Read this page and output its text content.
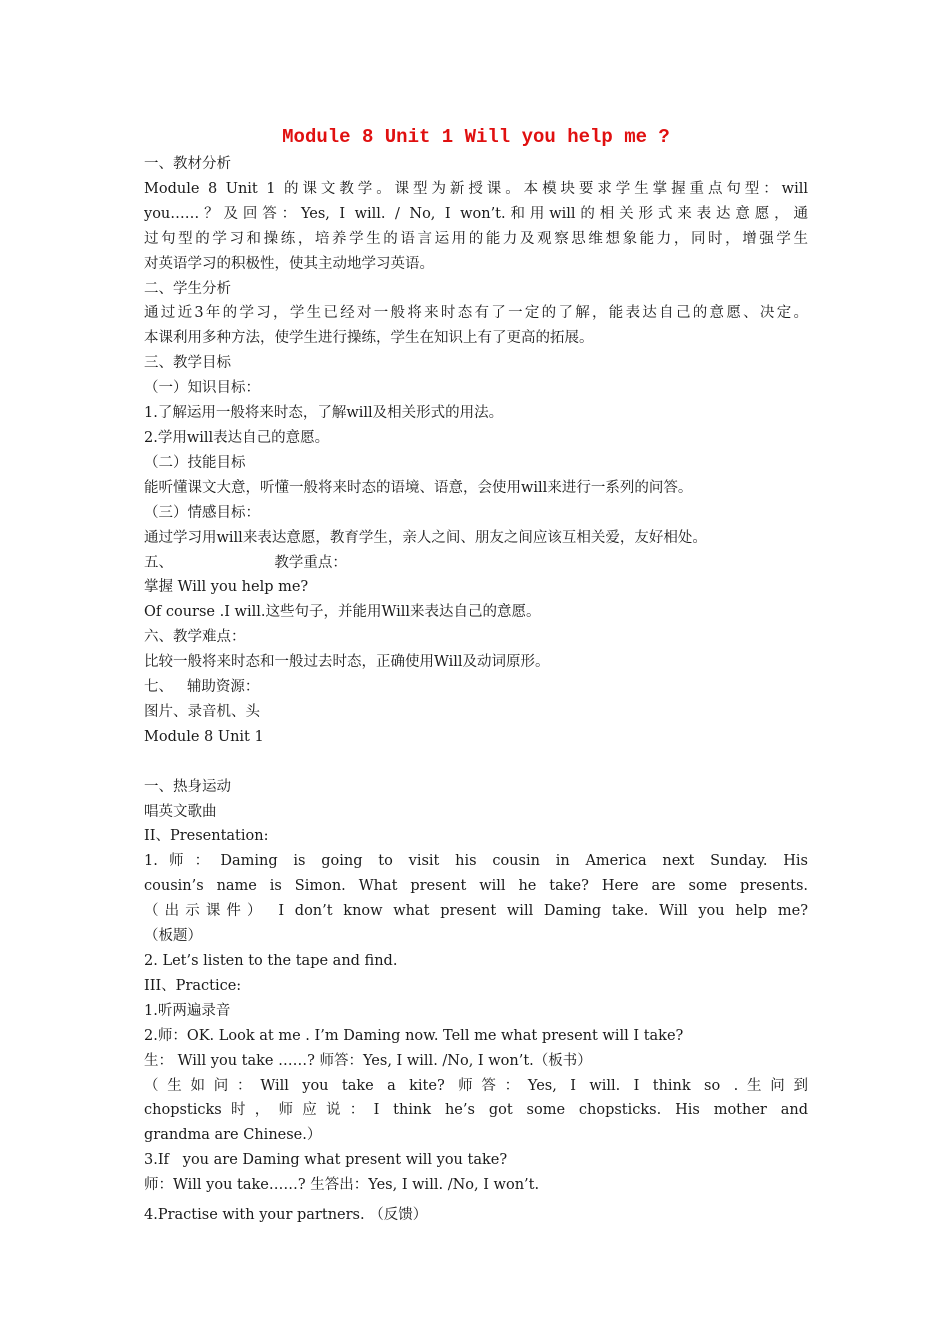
Module 8 Unit 1 Will you help me ?
一、教材分析
Module 8 Unit 1 的课文教学。课型为新授课。本模块要求学生掌握重点句型：will
you……？及回答：Yes, I will. / No, I won’t.和用will的相关形式来表达意愿，通
过句型的学习和操练，培养学生的语言运用的能力及观察思维想象能力，同时，增强学生
对英语学习的积极性，使其主动地学习英语。
二、学生分析
通过近3年的学习，学生已经对一般将来时态有了一定的了解，能表达自己的意愿、决定。
本课利用多种方法，使学生进行操练，学生在知识上有了更高的拓展。
三、教学目标
（一）知识目标：
1.了解运用一般将来时态，了解will及相关形式的用法。
2.学用will表达自己的意愿。
（二）技能目标
能听懂课文大意，听懂一般将来时态的语境、语意，会使用will来进行一系列的问答。
（三）情感目标：
通过学习用will来表达意愿，教育学生，亲人之间、朋友之间应该互相关爱，友好相处。
五、                      教学重点：
掌握 Will you help me?
Of course .I will.这些句子，并能用Will来表达自己的意愿。
六、教学难点：
比较一般将来时态和一般过去时态，正确使用Will及动词原形。
七、   辅助资源：
图片、录音机、头
Module 8 Unit 1
一、热身运动
唱英文歌曲
II、Presentation:
1.师：Daming is going to visit his cousin in America next Sunday. His
cousin’s name is Simon. What present will he take? Here are some presents.
（出示课件） I don’t know what present will Daming take. Will you help me?
（板题）
2. Let’s listen to the tape and find.
III、Practice:
1.听两遍录音
2.师：OK. Look at me . I’m Daming now. Tell me what present will I take?
生： Will you take ……? 师答：Yes, I will. /No, I won’t.（板书）
（生如问：Will you take a kite? 师答：Yes, I will. I think so .生问到
chopsticks时，师应说：I think he’s got some chopsticks. His mother and
grandma are Chinese.）
3.If   you are Daming what present will you take?
师：Will you take……? 生答出：Yes, I will. /No, I won’t.
4.Practise with your partners. （反馈）
